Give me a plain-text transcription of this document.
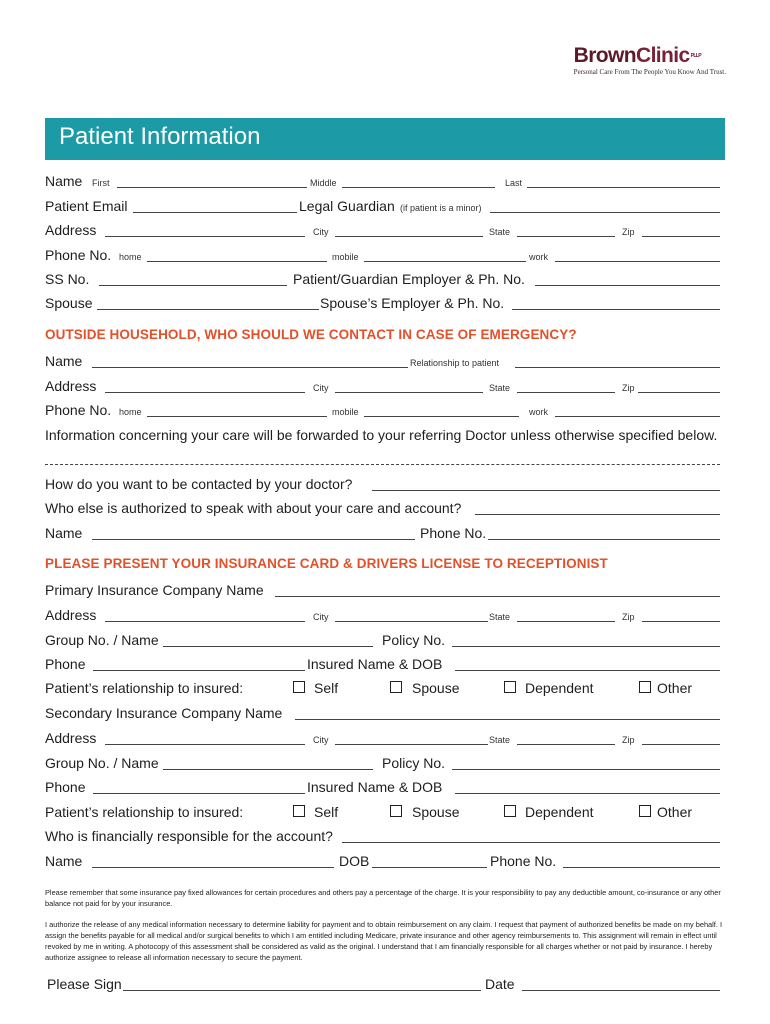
BrownClinicPLLP
Personal Care From The People You Know And Trust.
Patient Information
Name First	Middle	Last
Patient Email	Legal Guardian (if patient is a minor)
Address	City	State	Zip
Phone No. home	mobile	work
SS No.	Patient/Guardian Employer & Ph. No.
Spouse	Spouse’s Employer & Ph. No.
OUTSIDE HOUSEHOLD, WHO SHOULD WE CONTACT IN CASE OF EMERGENCY?
Name	Relationship to patient
Address	City	State	Zip
Phone No. home	mobile	work
Information concerning your care will be forwarded to your referring Doctor unless otherwise specified below.
How do you want to be contacted by your doctor?
Who else is authorized to speak with about your care and account?
Name	Phone No.
PLEASE PRESENT YOUR INSURANCE CARD & DRIVERS LICENSE TO RECEPTIONIST
Primary Insurance Company Name
Address	City	State	Zip
Group No. / Name	Policy No.
Phone	Insured Name & DOB
Patient’s relationship to insured:	Self	Spouse	Dependent	Other
Secondary Insurance Company Name
Address	City	State	Zip
Group No. / Name	Policy No.
Phone	Insured Name & DOB
Patient’s relationship to insured:	Self	Spouse	Dependent	Other
Who is financially responsible for the account?
Name	DOB	Phone No.
Please remember that some insurance pay fixed allowances for certain procedures and others pay a percentage of the charge. It is your responsibility to pay any deductible amount, co-insurance or any other balance not paid for by your insurance.
I authorize the release of any medical information necessary to determine liability for payment and to obtain reimbursement on any claim. I request that payment of authorized benefits be made on my behalf. I assign the benefits payable for all medical and/or surgical benefits to which I am entitled including Medicare, private insurance and other agency reimbursements to. This assignment will remain in effect until revoked by me in writing. A photocopy of this assessment shall be considered as valid as the original. I understand that I am financially responsible for all charges whether or not paid by insurance. I hereby authorize assignee to release all information necessary to secure the payment.
Please Sign	Date
